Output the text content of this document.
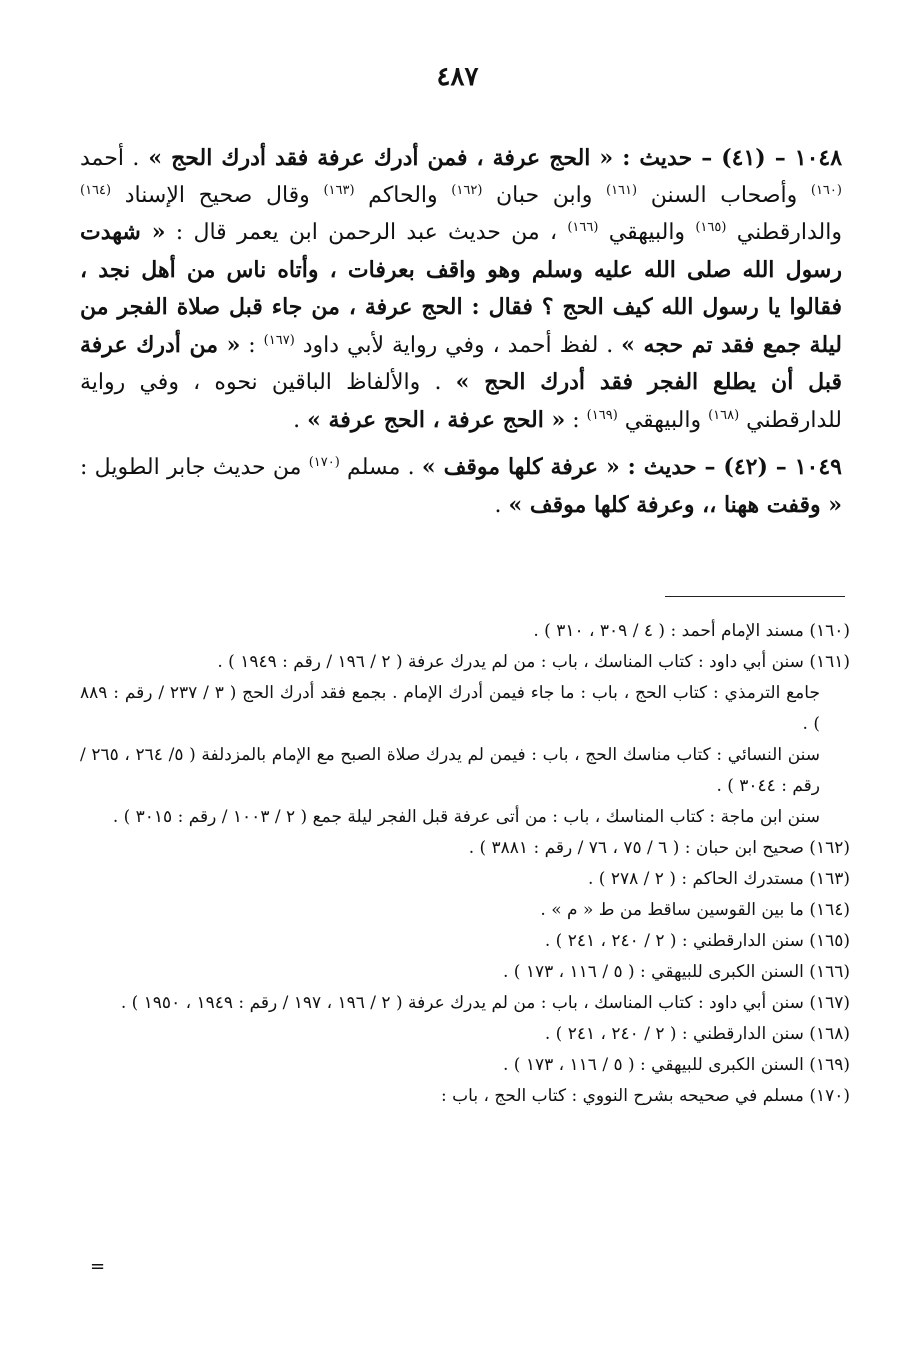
٤٨٧

١٠٤٨ – (٤١) – حديث : « الحج عرفة ، فمن أدرك عرفة فقد أدرك الحج » . أحمد $^{(١٦٠)}$ وأصحاب السنن $^{(١٦١)}$ وابن حبان $^{(١٦٢)}$ والحاكم $^{(١٦٣)}$ وقال صحيح الإسناد $^{(١٦٤)}$ والدارقطني $^{(١٦٥)}$ والبيهقي $^{(١٦٦)}$ ، من حديث عبد الرحمن ابن يعمر قال : « شهدت رسول الله صلى الله عليه وسلم وهو واقف بعرفات ، وأتاه ناس من أهل نجد ، فقالوا يا رسول الله كيف الحج ؟ فقال : الحج عرفة ، من جاء قبل صلاة الفجر من ليلة جمع فقد تم حجه » . لفظ أحمد ، وفي رواية لأبي داود $^{(١٦٧)}$ : « من أدرك عرفة قبل أن يطلع الفجر فقد أدرك الحج » . والألفاظ الباقين نحوه ، وفي رواية للدارقطني $^{(١٦٨)}$ والبيهقي $^{(١٦٩)}$ : « الحج عرفة ، الحج عرفة » .

١٠٤٩ – (٤٢) – حديث : « عرفة كلها موقف » . مسلم $^{(١٧٠)}$ من حديث جابر الطويل : « وقفت ههنا ،، وعرفة كلها موقف » .

(١٦٠) مسند الإمام أحمد : ( ٤ / ٣٠٩ ، ٣١٠ ) .

(١٦١) سنن أبي داود : كتاب المناسك ، باب : من لم يدرك عرفة ( ٢ / ١٩٦ / رقم : ١٩٤٩ ) .

جامع الترمذي : كتاب الحج ، باب : ما جاء فيمن أدرك الإمام . بجمع فقد أدرك الحج ( ٣ / ٢٣٧ / رقم : ٨٨٩ ) .

سنن النسائي : كتاب مناسك الحج ، باب : فيمن لم يدرك صلاة الصبح مع الإمام بالمزدلفة ( ٥/ ٢٦٤ ، ٢٦٥ / رقم : ٣٠٤٤ ) .

سنن ابن ماجة : كتاب المناسك ، باب : من أتى عرفة قبل الفجر ليلة جمع ( ٢ / ١٠٠٣ / رقم : ٣٠١٥ ) .

(١٦٢) صحيح ابن حبان : ( ٦ / ٧٥ ، ٧٦ / رقم : ٣٨٨١ ) .

(١٦٣) مستدرك الحاكم : ( ٢ / ٢٧٨ ) .

(١٦٤) ما بين القوسين ساقط من ط « م » .

(١٦٥) سنن الدارقطني : ( ٢ / ٢٤٠ ، ٢٤١ ) .

(١٦٦) السنن الكبرى للبيهقي : ( ٥ / ١١٦ ، ١٧٣ ) .

(١٦٧) سنن أبي داود : كتاب المناسك ، باب : من لم يدرك عرفة ( ٢ / ١٩٦ ، ١٩٧ / رقم : ١٩٤٩ ، ١٩٥٠ ) .

(١٦٨) سنن الدارقطني : ( ٢ / ٢٤٠ ، ٢٤١ ) .

(١٦٩) السنن الكبرى للبيهقي : ( ٥ / ١١٦ ، ١٧٣ ) .

(١٧٠) مسلم في صحيحه بشرح النووي : كتاب الحج ، باب :

=
